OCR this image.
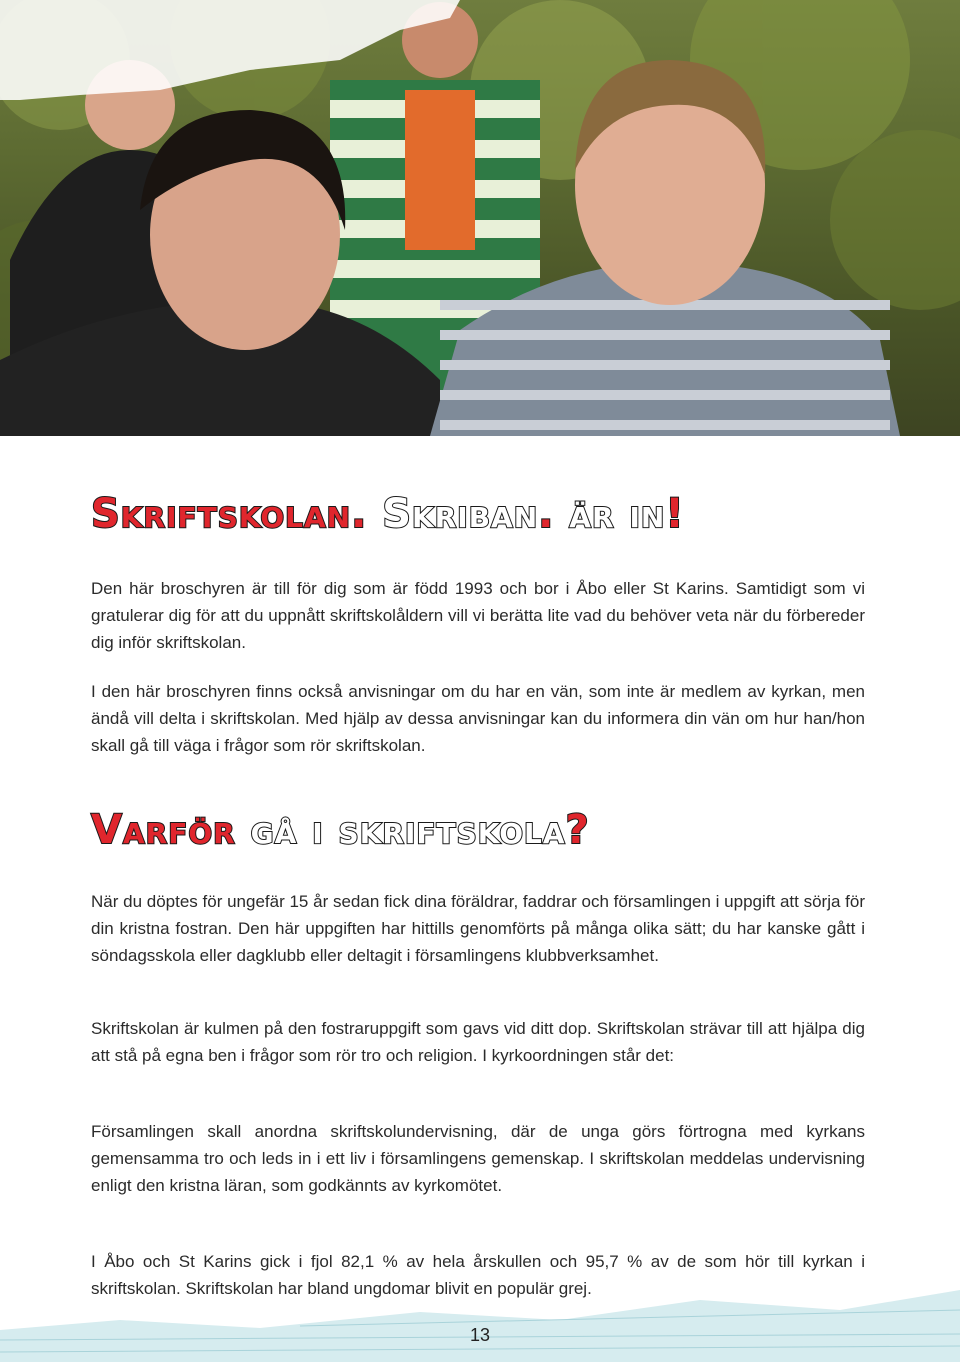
Skriftskolan. Skriban. är in!

Den här broschyren är till för dig som är född 1993 och bor i Åbo eller St Karins. Samtidigt som vi gratulerar dig för att du uppnått skriftskolåldern vill vi berätta lite vad du behöver veta när du förbereder dig inför skriftskolan.

I den här broschyren finns också anvisningar om du har en vän, som inte är medlem av kyrkan, men ändå vill delta i skriftskolan. Med hjälp av dessa anvisningar kan du informera din vän om hur han/hon skall gå till väga i frågor som rör skriftskolan.

Varför gå i skriftskola?

När du döptes för ungefär 15 år sedan fick dina föräldrar, faddrar och församlingen i uppgift att sörja för din kristna fostran. Den här uppgiften har hittills genomförts på många olika sätt; du har kanske gått i söndagsskola eller dagklubb eller deltagit i församlingens klubbverksamhet.

Skriftskolan är kulmen på den fostraruppgift som gavs vid ditt dop. Skriftskolan strävar till att hjälpa dig att stå på egna ben i frågor som rör tro och religion. I kyrkoordningen står det:

Församlingen skall anordna skriftskolundervisning, där de unga görs förtrogna med kyrkans gemensamma tro och leds in i ett liv i församlingens gemenskap. I skriftskolan meddelas undervisning enligt den kristna läran, som godkännts av kyrkomötet.

I Åbo och St Karins gick i fjol 82,1 % av hela årskullen och 95,7 % av de som hör till kyrkan i skriftskolan. Skriftskolan har bland ungdomar blivit en populär grej.

13
